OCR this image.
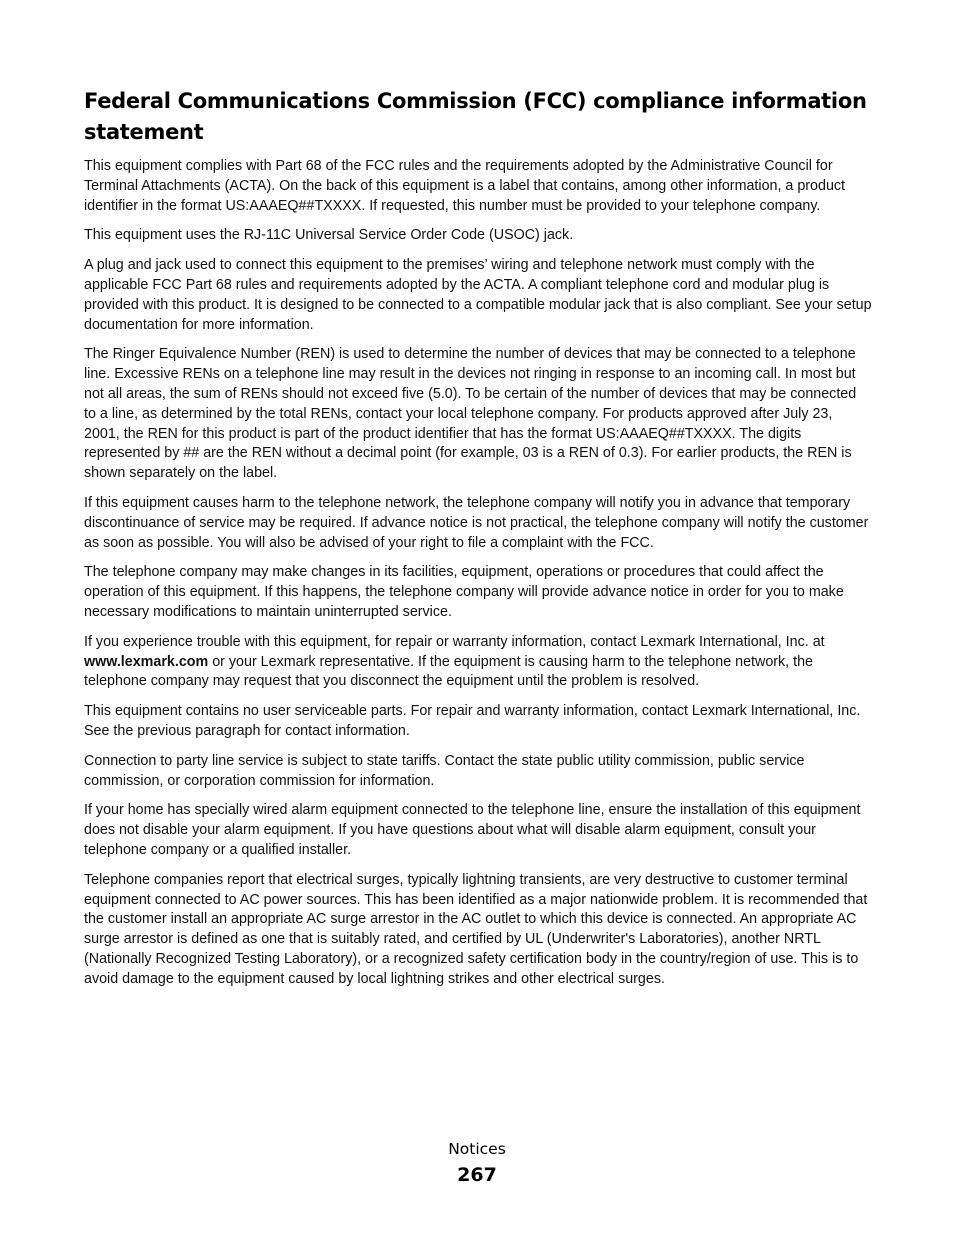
Federal Communications Commission (FCC) compliance information statement

This equipment complies with Part 68 of the FCC rules and the requirements adopted by the Administrative Council for Terminal Attachments (ACTA). On the back of this equipment is a label that contains, among other information, a product identifier in the format US:AAAEQ##TXXXX. If requested, this number must be provided to your telephone company.

This equipment uses the RJ-11C Universal Service Order Code (USOC) jack.

A plug and jack used to connect this equipment to the premises’ wiring and telephone network must comply with the applicable FCC Part 68 rules and requirements adopted by the ACTA. A compliant telephone cord and modular plug is provided with this product. It is designed to be connected to a compatible modular jack that is also compliant. See your setup documentation for more information.

The Ringer Equivalence Number (REN) is used to determine the number of devices that may be connected to a telephone line. Excessive RENs on a telephone line may result in the devices not ringing in response to an incoming call. In most but not all areas, the sum of RENs should not exceed five (5.0). To be certain of the number of devices that may be connected to a line, as determined by the total RENs, contact your local telephone company. For products approved after July 23, 2001, the REN for this product is part of the product identifier that has the format US:AAAEQ##TXXXX. The digits represented by ## are the REN without a decimal point (for example, 03 is a REN of 0.3). For earlier products, the REN is shown separately on the label.

If this equipment causes harm to the telephone network, the telephone company will notify you in advance that temporary discontinuance of service may be required. If advance notice is not practical, the telephone company will notify the customer as soon as possible. You will also be advised of your right to file a complaint with the FCC.

The telephone company may make changes in its facilities, equipment, operations or procedures that could affect the operation of this equipment. If this happens, the telephone company will provide advance notice in order for you to make necessary modifications to maintain uninterrupted service.

If you experience trouble with this equipment, for repair or warranty information, contact Lexmark International, Inc. at www.lexmark.com or your Lexmark representative. If the equipment is causing harm to the telephone network, the telephone company may request that you disconnect the equipment until the problem is resolved.

This equipment contains no user serviceable parts. For repair and warranty information, contact Lexmark International, Inc. See the previous paragraph for contact information.

Connection to party line service is subject to state tariffs. Contact the state public utility commission, public service commission, or corporation commission for information.

If your home has specially wired alarm equipment connected to the telephone line, ensure the installation of this equipment does not disable your alarm equipment. If you have questions about what will disable alarm equipment, consult your telephone company or a qualified installer.

Telephone companies report that electrical surges, typically lightning transients, are very destructive to customer terminal equipment connected to AC power sources. This has been identified as a major nationwide problem. It is recommended that the customer install an appropriate AC surge arrestor in the AC outlet to which this device is connected. An appropriate AC surge arrestor is defined as one that is suitably rated, and certified by UL (Underwriter's Laboratories), another NRTL (Nationally Recognized Testing Laboratory), or a recognized safety certification body in the country/region of use. This is to avoid damage to the equipment caused by local lightning strikes and other electrical surges.

Notices
267
